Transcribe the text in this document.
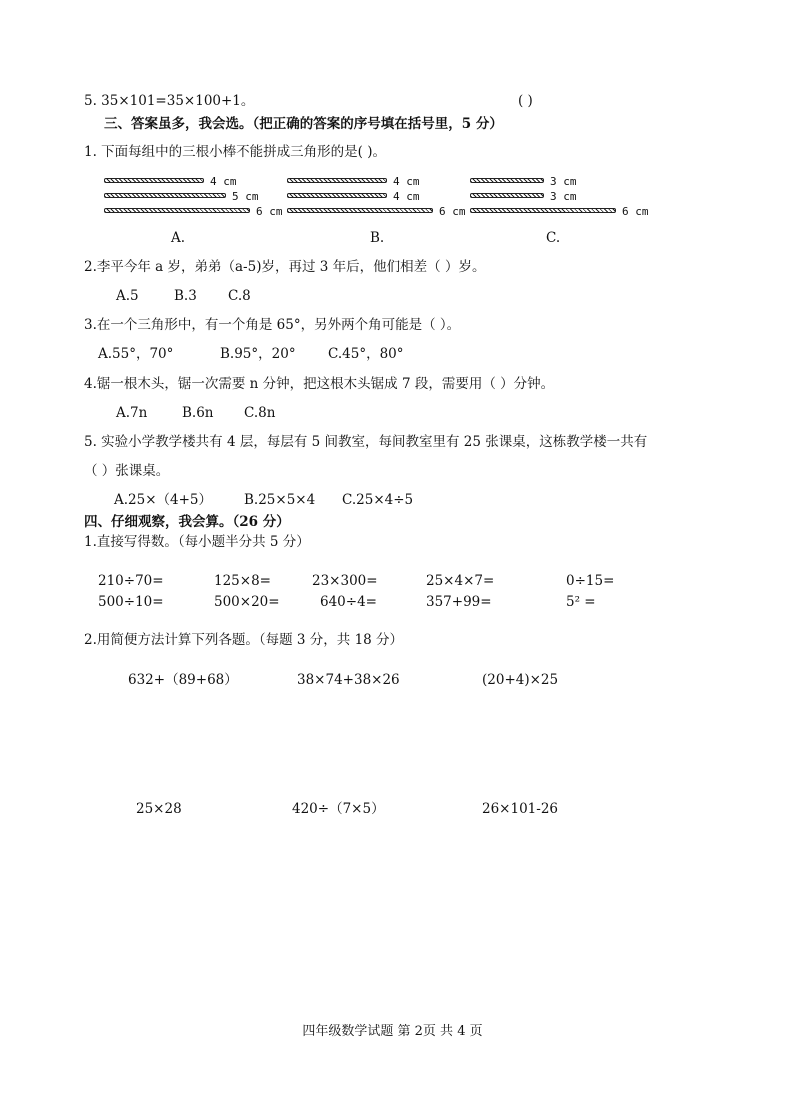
5. 35×101=35×100+1。	( )
三、答案虽多，我会选。（把正确的答案的序号填在括号里，5 分）
1. 下面每组中的三根小棒不能拼成三角形的是( )。
4 cm
5 cm
6 cm
A.
4 cm
4 cm
6 cm
B.
3 cm
3 cm
6 cm
C.
2.李平今年 a 岁，弟弟（a-5)岁，再过 3 年后，他们相差（ ）岁。
A.5	B.3 C.8
3.在一个三角形中，有一个角是 65°，另外两个角可能是（ ）。
A.55°，70°	B.95°，20° C.45°，80°
4.锯一根木头，锯一次需要 n 分钟，把这根木头锯成 7 段，需要用（ ）分钟。
A.7n	B.6n C.8n
5. 实验小学教学楼共有 4 层，每层有 5 间教室，每间教室里有 25 张课桌，这栋教学楼一共有
（ ）张课桌。
A.25×（4+5） B.25×5×4 C.25×4÷5
四、仔细观察，我会算。（26 分）
1.直接写得数。（每小题半分共 5 分）
210÷70=	125×8=	23×300=	25×4×7=	0÷15=
500÷10=	500×20=	640÷4=	357+99=	5² =
2.用简便方法计算下列各题。（每题 3 分，共 18 分）
632+（89+68）	38×74+38×26	(20+4)×25
25×28	420÷（7×5）	26×101-26
四年级数学试题 第 2页 共 4 页
